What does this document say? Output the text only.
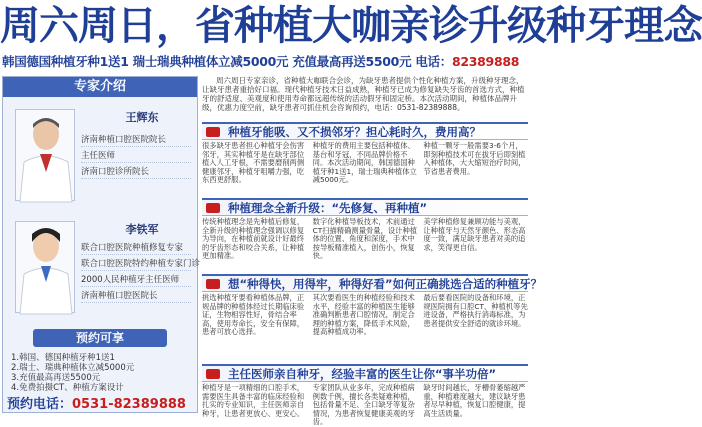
周六周日，省种植大咖亲诊升级种牙理念
韩国德国种植牙种1送1 瑞士瑞典种植体立减5000元 充值最高再送5500元 电话：82389888
专家介绍
王辉东
济南种植口腔医院院长
主任医师
济南口腔诊所院长
李铁军
联合口腔医院种植修复专家
联合口腔医院特约种植专家门诊
2000人民种植牙主任医师
济南种植口腔医院长
预约可享
1.韩国、德国种植牙种1送1
2.瑞士、瑞典种植体立减5000元
3.充值最高再送5500元
4.免费拍摄CT、种植方案设计
预约电话：0531-82389888
周六周日专家亲诊，省种植大咖联合会诊，为缺牙患者提供个性化种植方案，升级种牙理念，让缺牙患者重拾好口福。现代种植牙技术日益成熟，种植牙已成为修复缺失牙齿的首选方式，种植牙的舒适度、美观度和使用寿命都远超传统的活动假牙和固定桥。本次活动期间，种植体品牌升级，优惠力度空前，缺牙患者可抓住机会咨询预约，电话：0531-82389888。
种植牙能吸、又不损邻牙？担心耗时久，费用高？

很多缺牙患者担心种植牙会伤害邻牙，其实种植牙是在缺牙部位植入人工牙根，不需要磨削两侧健康邻牙，种植牙咀嚼力强，吃东西更舒服。

种植牙的费用主要包括种植体、基台和牙冠，不同品牌价格不同。本次活动期间，韩国德国种植牙种1送1，瑞士瑞典种植体立减5000元。

种植一颗牙一般需要3-6个月，即刻种植技术可在拔牙后即刻植入种植体，大大缩短治疗时间，节省患者费用。

种植理念全新升级：“先修复、再种植”

传统种植理念是先种植后修复，全新升级的种植理念强调以修复为导向，在种植前就设计好最终的牙齿形态和咬合关系，让种植更加精准。

数字化种植导板技术，术前通过CT扫描精确测量骨量，设计种植体的位置、角度和深度，手术中按导板精准植入，创伤小，恢复快。

美学种植修复兼顾功能与美观，让种植牙与天然牙颜色、形态高度一致，满足缺牙患者对美的追求，笑得更自信。

想“种得快，用得牢，种得好看”如何正确挑选合适的种植牙？

挑选种植牙要看种植体品牌，正规品牌的种植体经过长期临床验证，生物相容性好，骨结合率高，使用寿命长，安全有保障，患者可放心选择。

其次要看医生的种植经验和技术水平，经验丰富的种植医生能够准确判断患者口腔情况，制定合理的种植方案，降低手术风险，提高种植成功率。

最后要看医院的设备和环境，正规医院拥有口腔CT、种植机等先进设备，严格执行消毒标准，为患者提供安全舒适的就诊环境。

主任医师亲自种牙，经验丰富的医生让你“事半功倍”

种植牙是一项精细的口腔手术，需要医生具备丰富的临床经验和扎实的专业知识，主任医师亲自种牙，让患者更放心、更安心。

专家团队从业多年，完成种植病例数千例，擅长各类疑难种植，包括骨量不足、全口缺牙等复杂情况，为患者恢复健康美观的牙齿。

缺牙时间越长，牙槽骨萎缩越严重，种植难度越大，建议缺牙患者尽早种植，恢复口腔健康，提高生活质量。
